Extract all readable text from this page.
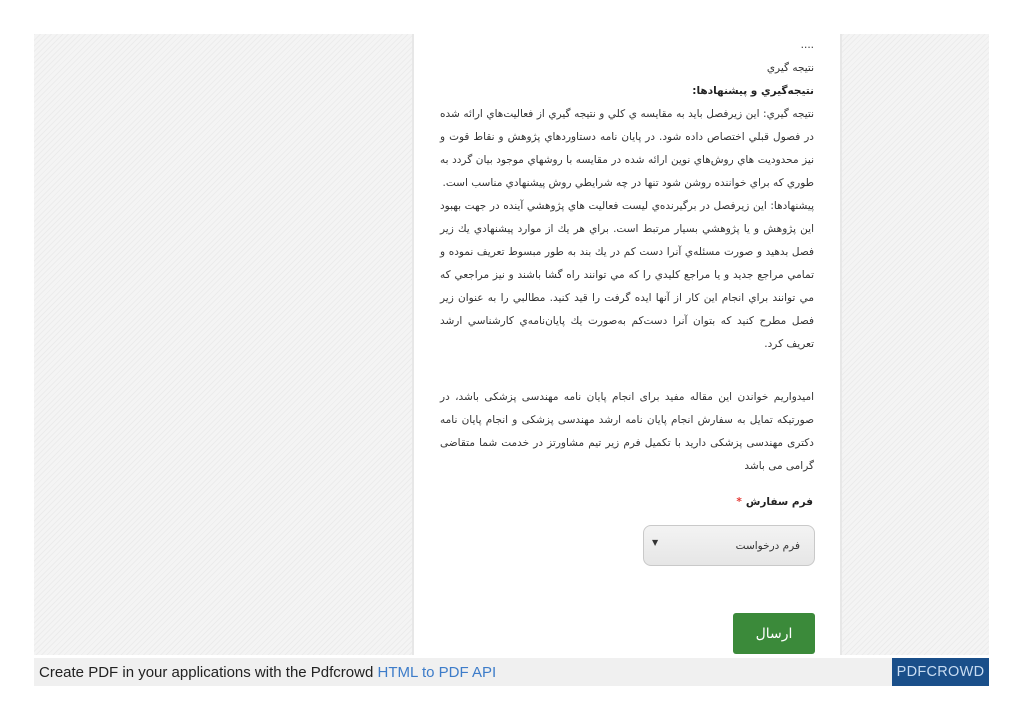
....
نتيجه گيري
نتيجه‌گيري و پيشنهادها:

نتيجه گيري: اين زيرفصل بايد به مقايسه ي كلي و نتيجه گيري از فعاليت‌هاي ارائه شده در فصول قبلي اختصاص داده شود. در پايان نامه دستاوردهاي پژوهش و نقاط قوت و نيز محدوديت هاي روش‌هاي نوين ارائه شده در مقايسه با روشهاي موجود بيان گردد به طوري كه براي خواننده روشن شود تنها در چه شرايطي روش پيشنهادي مناسب است.

پيشنهادها: اين زيرفصل در برگيرنده‌ي ليست فعاليت هاي پژوهشي آينده در جهت بهبود اين پژوهش و يا پژوهشي بسيار مرتبط است. براي هر يك از موارد پيشنهادي يك زير فصل بدهيد و صورت مسئله‌ي آنرا دست كم در يك بند به طور مبسوط تعريف نموده و تمامي مراجع جديد و يا مراجع كليدي را كه مي توانند راه گشا باشند و نيز مراجعي كه مي توانند براي انجام اين كار از آنها ايده گرفت را قيد كنيد. مطالبي را به عنوان زير فصل مطرح كنيد كه بتوان آنرا دست‌كم به‌صورت يك پايان‌نامه‌ي كارشناسي ارشد تعريف كرد.

امیدواریم خواندن این مقاله مفید برای انجام پایان نامه مهندسی پزشکی باشد، در صورتیکه تمایل به سفارش انجام پایان نامه ارشد مهندسی پزشکی و انجام پایان نامه دکتری مهندسی پزشکی دارید با تکمیل فرم زیر تیم مشاورتز در خدمت شما متقاضی گرامی می باشد

فرم سفارش*
فرم درخواست
▼
ارسال
Create PDF in your applications with the Pdfcrowd HTML to PDF API	PDFCROWD
